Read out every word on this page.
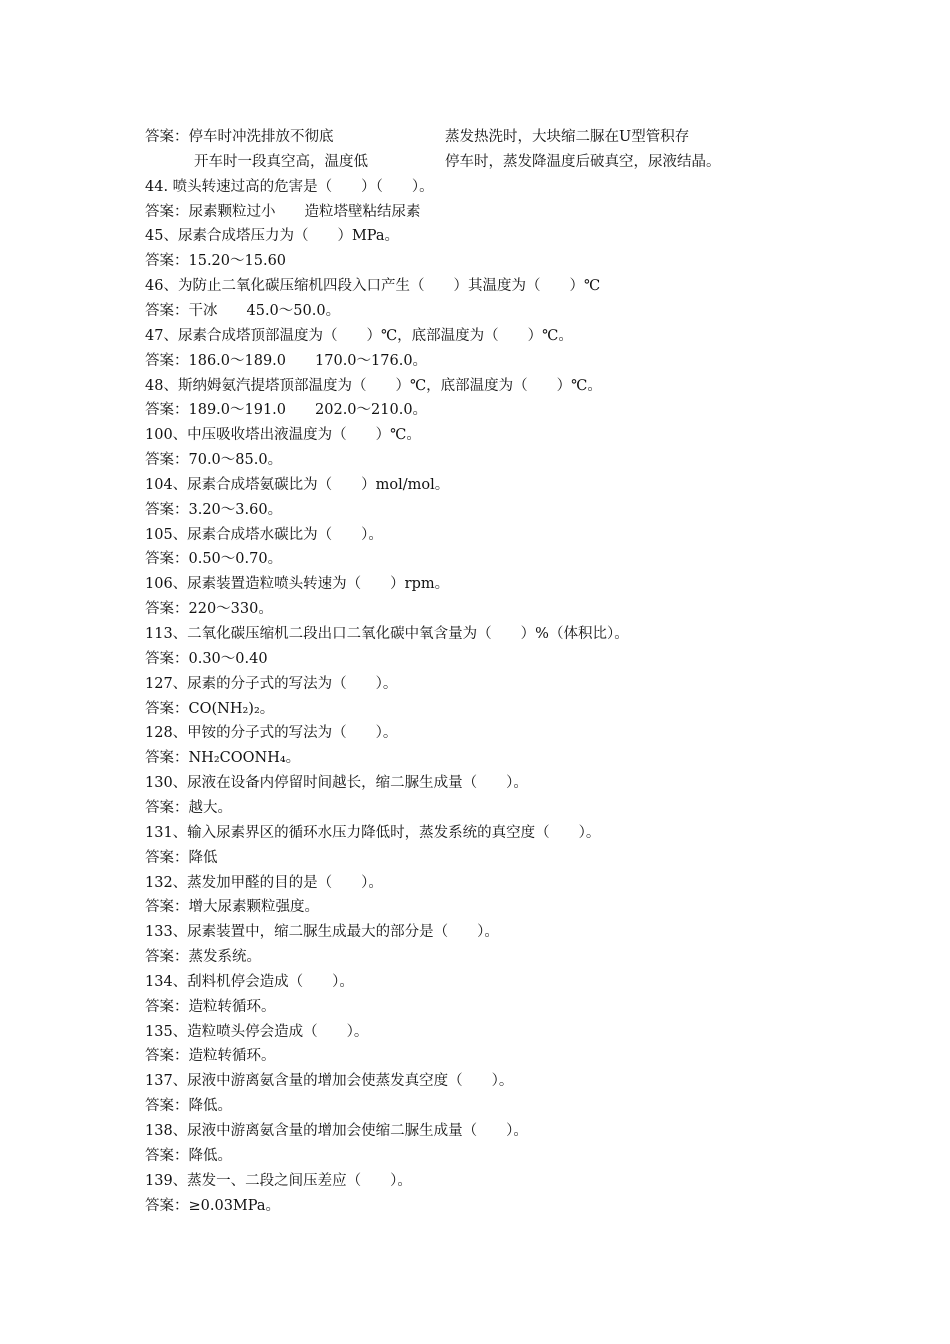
答案：停车时冲洗排放不彻底	蒸发热洗时，大块缩二脲在U型管积存
开车时一段真空高，温度低	停车时，蒸发降温度后破真空，尿液结晶。
44. 喷头转速过高的危害是（　　）（　　）。
答案：尿素颗粒过小　　造粒塔壁粘结尿素
45、尿素合成塔压力为（　　）MPa。
答案：15.20～15.60
46、为防止二氧化碳压缩机四段入口产生（　　）其温度为（　　）℃
答案：干冰　　45.0～50.0。
47、尿素合成塔顶部温度为（　　）℃，底部温度为（　　）℃。
答案：186.0～189.0　　170.0～176.0。
48、斯纳姆氨汽提塔顶部温度为（　　）℃，底部温度为（　　）℃。
答案：189.0～191.0　　202.0～210.0。
100、中压吸收塔出液温度为（　　）℃。
答案：70.0～85.0。
104、尿素合成塔氨碳比为（　　）mol/mol。
答案：3.20～3.60。
105、尿素合成塔水碳比为（　　）。
答案：0.50～0.70。
106、尿素装置造粒喷头转速为（　　）rpm。
答案：220～330。
113、二氧化碳压缩机二段出口二氧化碳中氧含量为（　　）%（体积比）。
答案：0.30～0.40
127、尿素的分子式的写法为（　　）。
答案：CO(NH₂)₂。
128、甲铵的分子式的写法为（　　）。
答案：NH₂COONH₄。
130、尿液在设备内停留时间越长，缩二脲生成量（　　）。
答案：越大。
131、输入尿素界区的循环水压力降低时，蒸发系统的真空度（　　）。
答案：降低
132、蒸发加甲醛的目的是（　　）。
答案：增大尿素颗粒强度。
133、尿素装置中，缩二脲生成最大的部分是（　　）。
答案：蒸发系统。
134、刮料机停会造成（　　）。
答案：造粒转循环。
135、造粒喷头停会造成（　　）。
答案：造粒转循环。
137、尿液中游离氨含量的增加会使蒸发真空度（　　）。
答案：降低。
138、尿液中游离氨含量的增加会使缩二脲生成量（　　）。
答案：降低。
139、蒸发一、二段之间压差应（　　）。
答案：≥0.03MPa。
